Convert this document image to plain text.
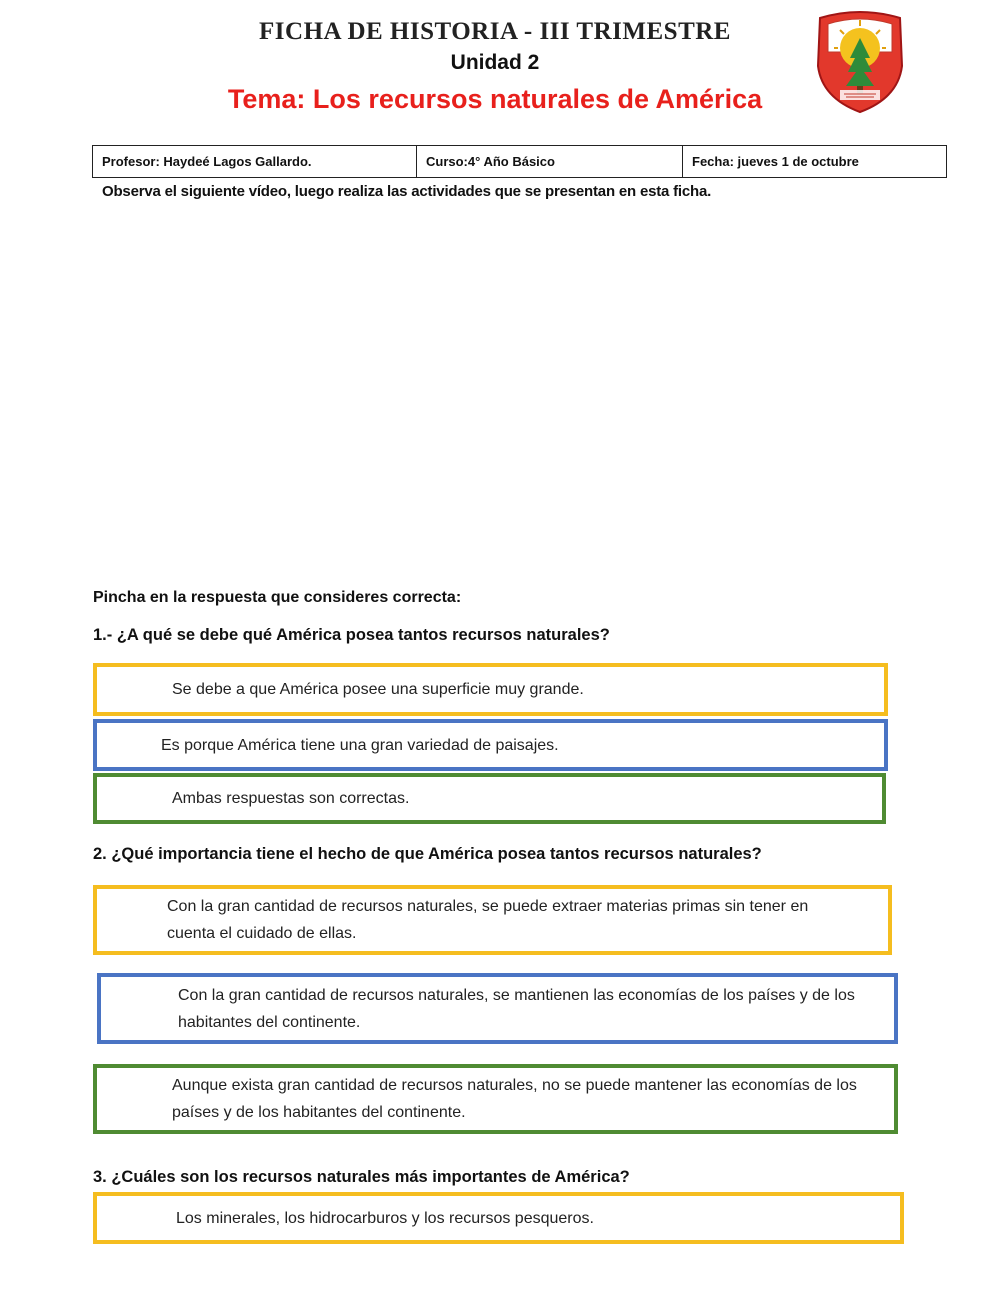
FICHA DE HISTORIA - III TRIMESTRE
Unidad 2
Tema: Los recursos naturales de América
Profesor: Haydeé Lagos Gallardo.	Curso:4° Año Básico	Fecha: jueves 1 de octubre
Observa el siguiente vídeo, luego realiza las actividades que se presentan en esta ficha.
Pincha en la respuesta que consideres correcta:
1.- ¿A qué se debe qué América posea tantos recursos naturales?
Se debe a que América posee una superficie muy grande.
Es porque América tiene una gran variedad de paisajes.
Ambas respuestas son correctas.
2. ¿Qué importancia tiene el hecho de que América posea tantos recursos naturales?
Con la gran cantidad de recursos naturales, se puede extraer materias primas sin tener en cuenta el cuidado de ellas.
Con la gran cantidad de recursos naturales, se mantienen las economías de los países y de los habitantes del continente.
Aunque exista gran cantidad de recursos naturales, no se puede mantener las economías de los países y de los habitantes del continente.
3. ¿Cuáles son los recursos naturales más importantes de América?
Los minerales, los hidrocarburos y los recursos pesqueros.
